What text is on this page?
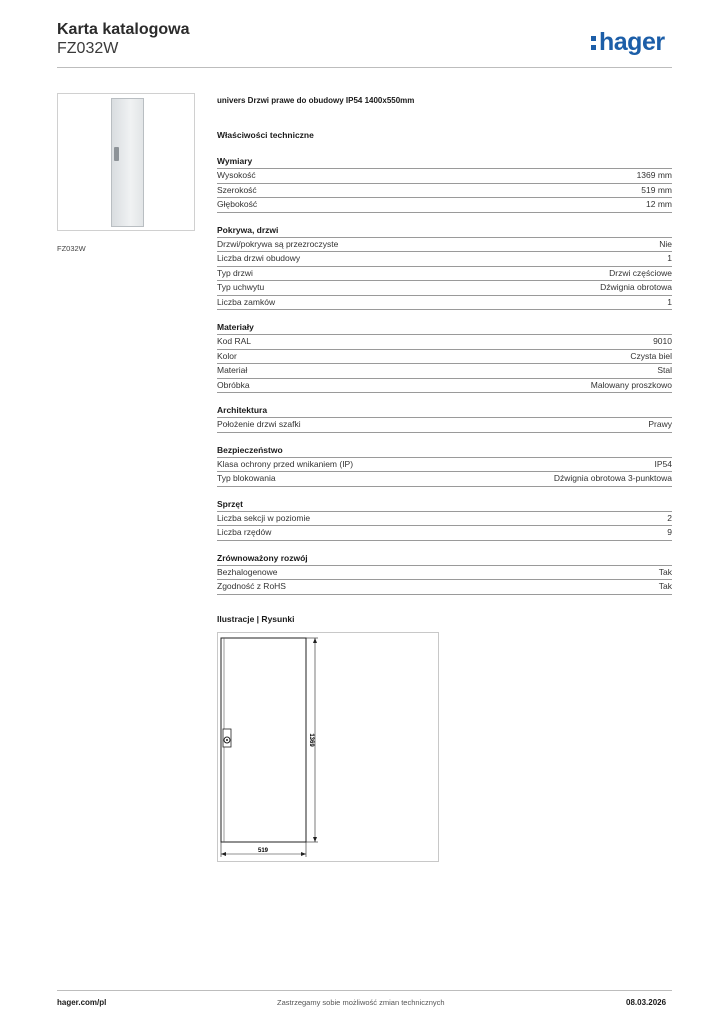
Karta katalogowa
FZ032W	hager
FZ032W
univers Drzwi prawe do obudowy IP54 1400x550mm
Właściwości techniczne
Wymiary
Wysokość	1369 mm
Szerokość	519 mm
Głębokość	12 mm
Pokrywa, drzwi
Drzwi/pokrywa są przezroczyste	Nie
Liczba drzwi obudowy	1
Typ drzwi	Drzwi częściowe
Typ uchwytu	Dźwignia obrotowa
Liczba zamków	1
Materiały
Kod RAL	9010
Kolor	Czysta biel
Materiał	Stal
Obróbka	Malowany proszkowo
Architektura
Położenie drzwi szafki	Prawy
Bezpieczeństwo
Klasa ochrony przed wnikaniem (IP)	IP54
Typ blokowania	Dźwignia obrotowa 3-punktowa
Sprzęt
Liczba sekcji w poziomie	2
Liczba rzędów	9
Zrównoważony rozwój
Bezhalogenowe	Tak
Zgodność z RoHS	Tak
Ilustracje | Rysunki
1369
519
hager.com/pl	Zastrzegamy sobie możliwość zmian technicznych	08.03.2026
